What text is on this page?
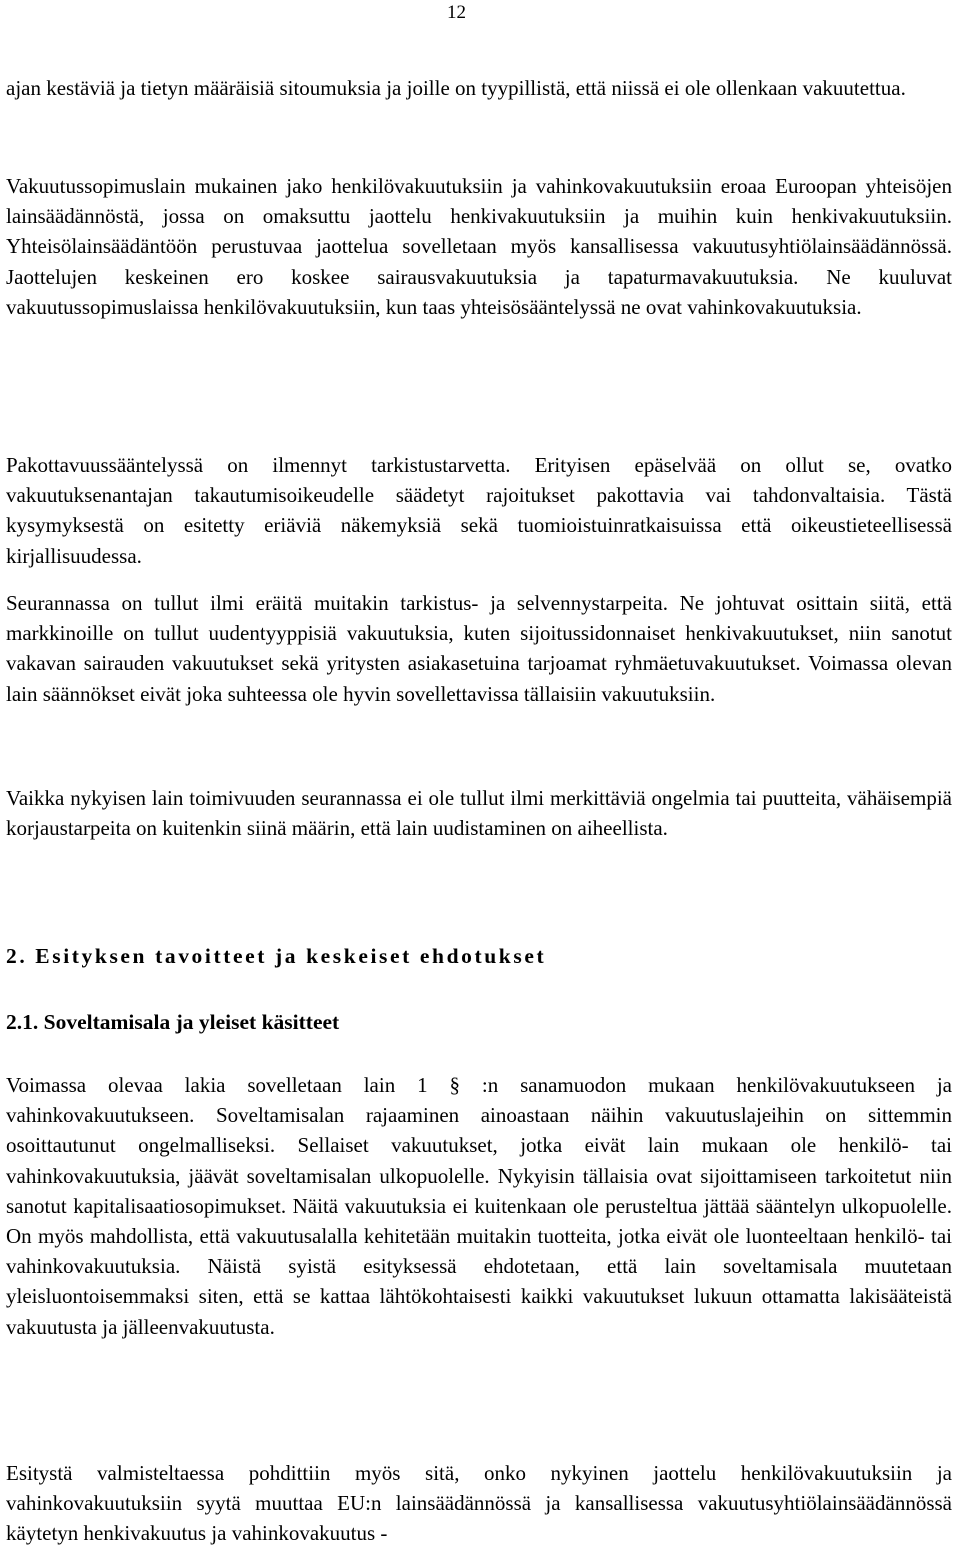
12

ajan kestäviä ja tietyn määräisiä sitoumuksia ja joille on tyypillistä, että niissä ei ole ollenkaan vakuutettua.

Vakuutussopimuslain mukainen jako henkilövakuutuksiin ja vahinkovakuutuksiin eroaa Euroopan yhteisöjen lainsäädännöstä, jossa on omaksuttu jaottelu henkivakuutuksiin ja muihin kuin henkivakuutuksiin. Yhteisölainsäädäntöön perustuvaa jaottelua sovelletaan myös kansallisessa vakuutusyhtiölainsäädännössä. Jaottelujen keskeinen ero koskee sairausvakuutuksia ja tapaturmavakuutuksia. Ne kuuluvat vakuutussopimuslaissa henkilövakuutuksiin, kun taas yhteisösääntelyssä ne ovat vahinkovakuutuksia.

Pakottavuussääntelyssä on ilmennyt tarkistustarvetta. Erityisen epäselvää on ollut se, ovatko vakuutuksenantajan takautumisoikeudelle säädetyt rajoitukset pakottavia vai tahdonvaltaisia. Tästä kysymyksestä on esitetty eriäviä näkemyksiä sekä tuomioistuinratkaisuissa että oikeustieteellisessä kirjallisuudessa.

Seurannassa on tullut ilmi eräitä muitakin tarkistus- ja selvennystarpeita. Ne johtuvat osittain siitä, että markkinoille on tullut uudentyyppisiä vakuutuksia, kuten sijoitussidonnaiset henkivakuutukset, niin sanotut vakavan sairauden vakuutukset sekä yritysten asiakasetuina tarjoamat ryhmäetuvakuutukset. Voimassa olevan lain säännökset eivät joka suhteessa ole hyvin sovellettavissa tällaisiin vakuutuksiin.

Vaikka nykyisen lain toimivuuden seurannassa ei ole tullut ilmi merkittäviä ongelmia tai puutteita, vähäisempiä korjaustarpeita on kuitenkin siinä määrin, että lain uudistaminen on aiheellista.

2. Esityksen tavoitteet ja keskeiset ehdotukset
2.1. Soveltamisala ja yleiset käsitteet

Voimassa olevaa lakia sovelletaan lain 1 § :n sanamuodon mukaan henkilövakuutukseen ja vahinkovakuutukseen. Soveltamisalan rajaaminen ainoastaan näihin vakuutuslajeihin on sittemmin osoittautunut ongelmalliseksi. Sellaiset vakuutukset, jotka eivät lain mukaan ole henkilö- tai vahinkovakuutuksia, jäävät soveltamisalan ulkopuolelle. Nykyisin tällaisia ovat sijoittamiseen tarkoitetut niin sanotut kapitalisaatiosopimukset. Näitä vakuutuksia ei kuitenkaan ole perusteltua jättää sääntelyn ulkopuolelle. On myös mahdollista, että vakuutusalalla kehitetään muitakin tuotteita, jotka eivät ole luonteeltaan henkilö- tai vahinkovakuutuksia. Näistä syistä esityksessä ehdotetaan, että lain soveltamisala muutetaan yleisluontoisemmaksi siten, että se kattaa lähtökohtaisesti kaikki vakuutukset lukuun ottamatta lakisääteistä vakuutusta ja jälleenvakuutusta.

Esitystä valmisteltaessa pohdittiin myös sitä, onko nykyinen jaottelu henkilövakuutuksiin ja vahinkovakuutuksiin syytä muuttaa EU:n lainsäädännössä ja kansallisessa vakuutusyhtiölainsäädännössä käytetyn henkivakuutus ja vahinkovakuutus -
